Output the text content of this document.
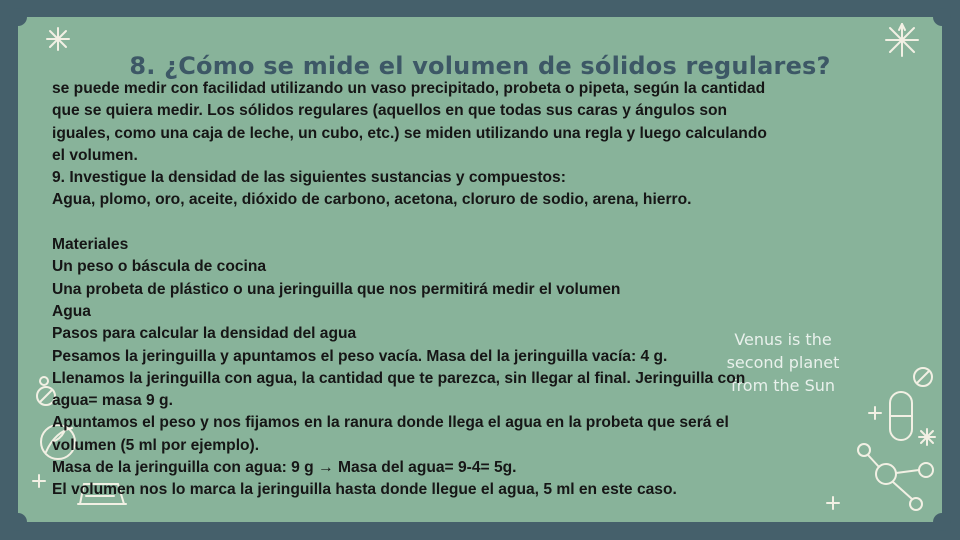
Venus is the
second planet
from the Sun
8. ¿Cómo se mide el volumen de sólidos regulares?
se puede medir con facilidad utilizando un vaso precipitado, probeta o pipeta, según la cantidad
que se quiera medir. Los sólidos regulares (aquellos en que todas sus caras y ángulos son
iguales, como una caja de leche, un cubo, etc.) se miden utilizando una regla y luego calculando
el volumen.
9. Investigue la densidad de las siguientes sustancias y compuestos:
Agua, plomo, oro, aceite, dióxido de carbono, acetona, cloruro de sodio, arena, hierro.
Materiales
Un peso o báscula de cocina
Una probeta de plástico o una jeringuilla que nos permitirá medir el volumen
Agua
Pasos para calcular la densidad del agua
Pesamos la jeringuilla y apuntamos el peso vacía. Masa del la jeringuilla vacía: 4 g.
Llenamos la jeringuilla con agua, la cantidad que te parezca, sin llegar al final. Jeringuilla con
agua= masa 9 g.
Apuntamos el peso y nos fijamos en la ranura donde llega el agua en la probeta que será el
volumen (5 ml por ejemplo).
Masa de la jeringuilla con agua: 9 g → Masa del agua= 9-4= 5g.
El volumen nos lo marca la jeringuilla hasta donde llegue el agua, 5 ml en este caso.
